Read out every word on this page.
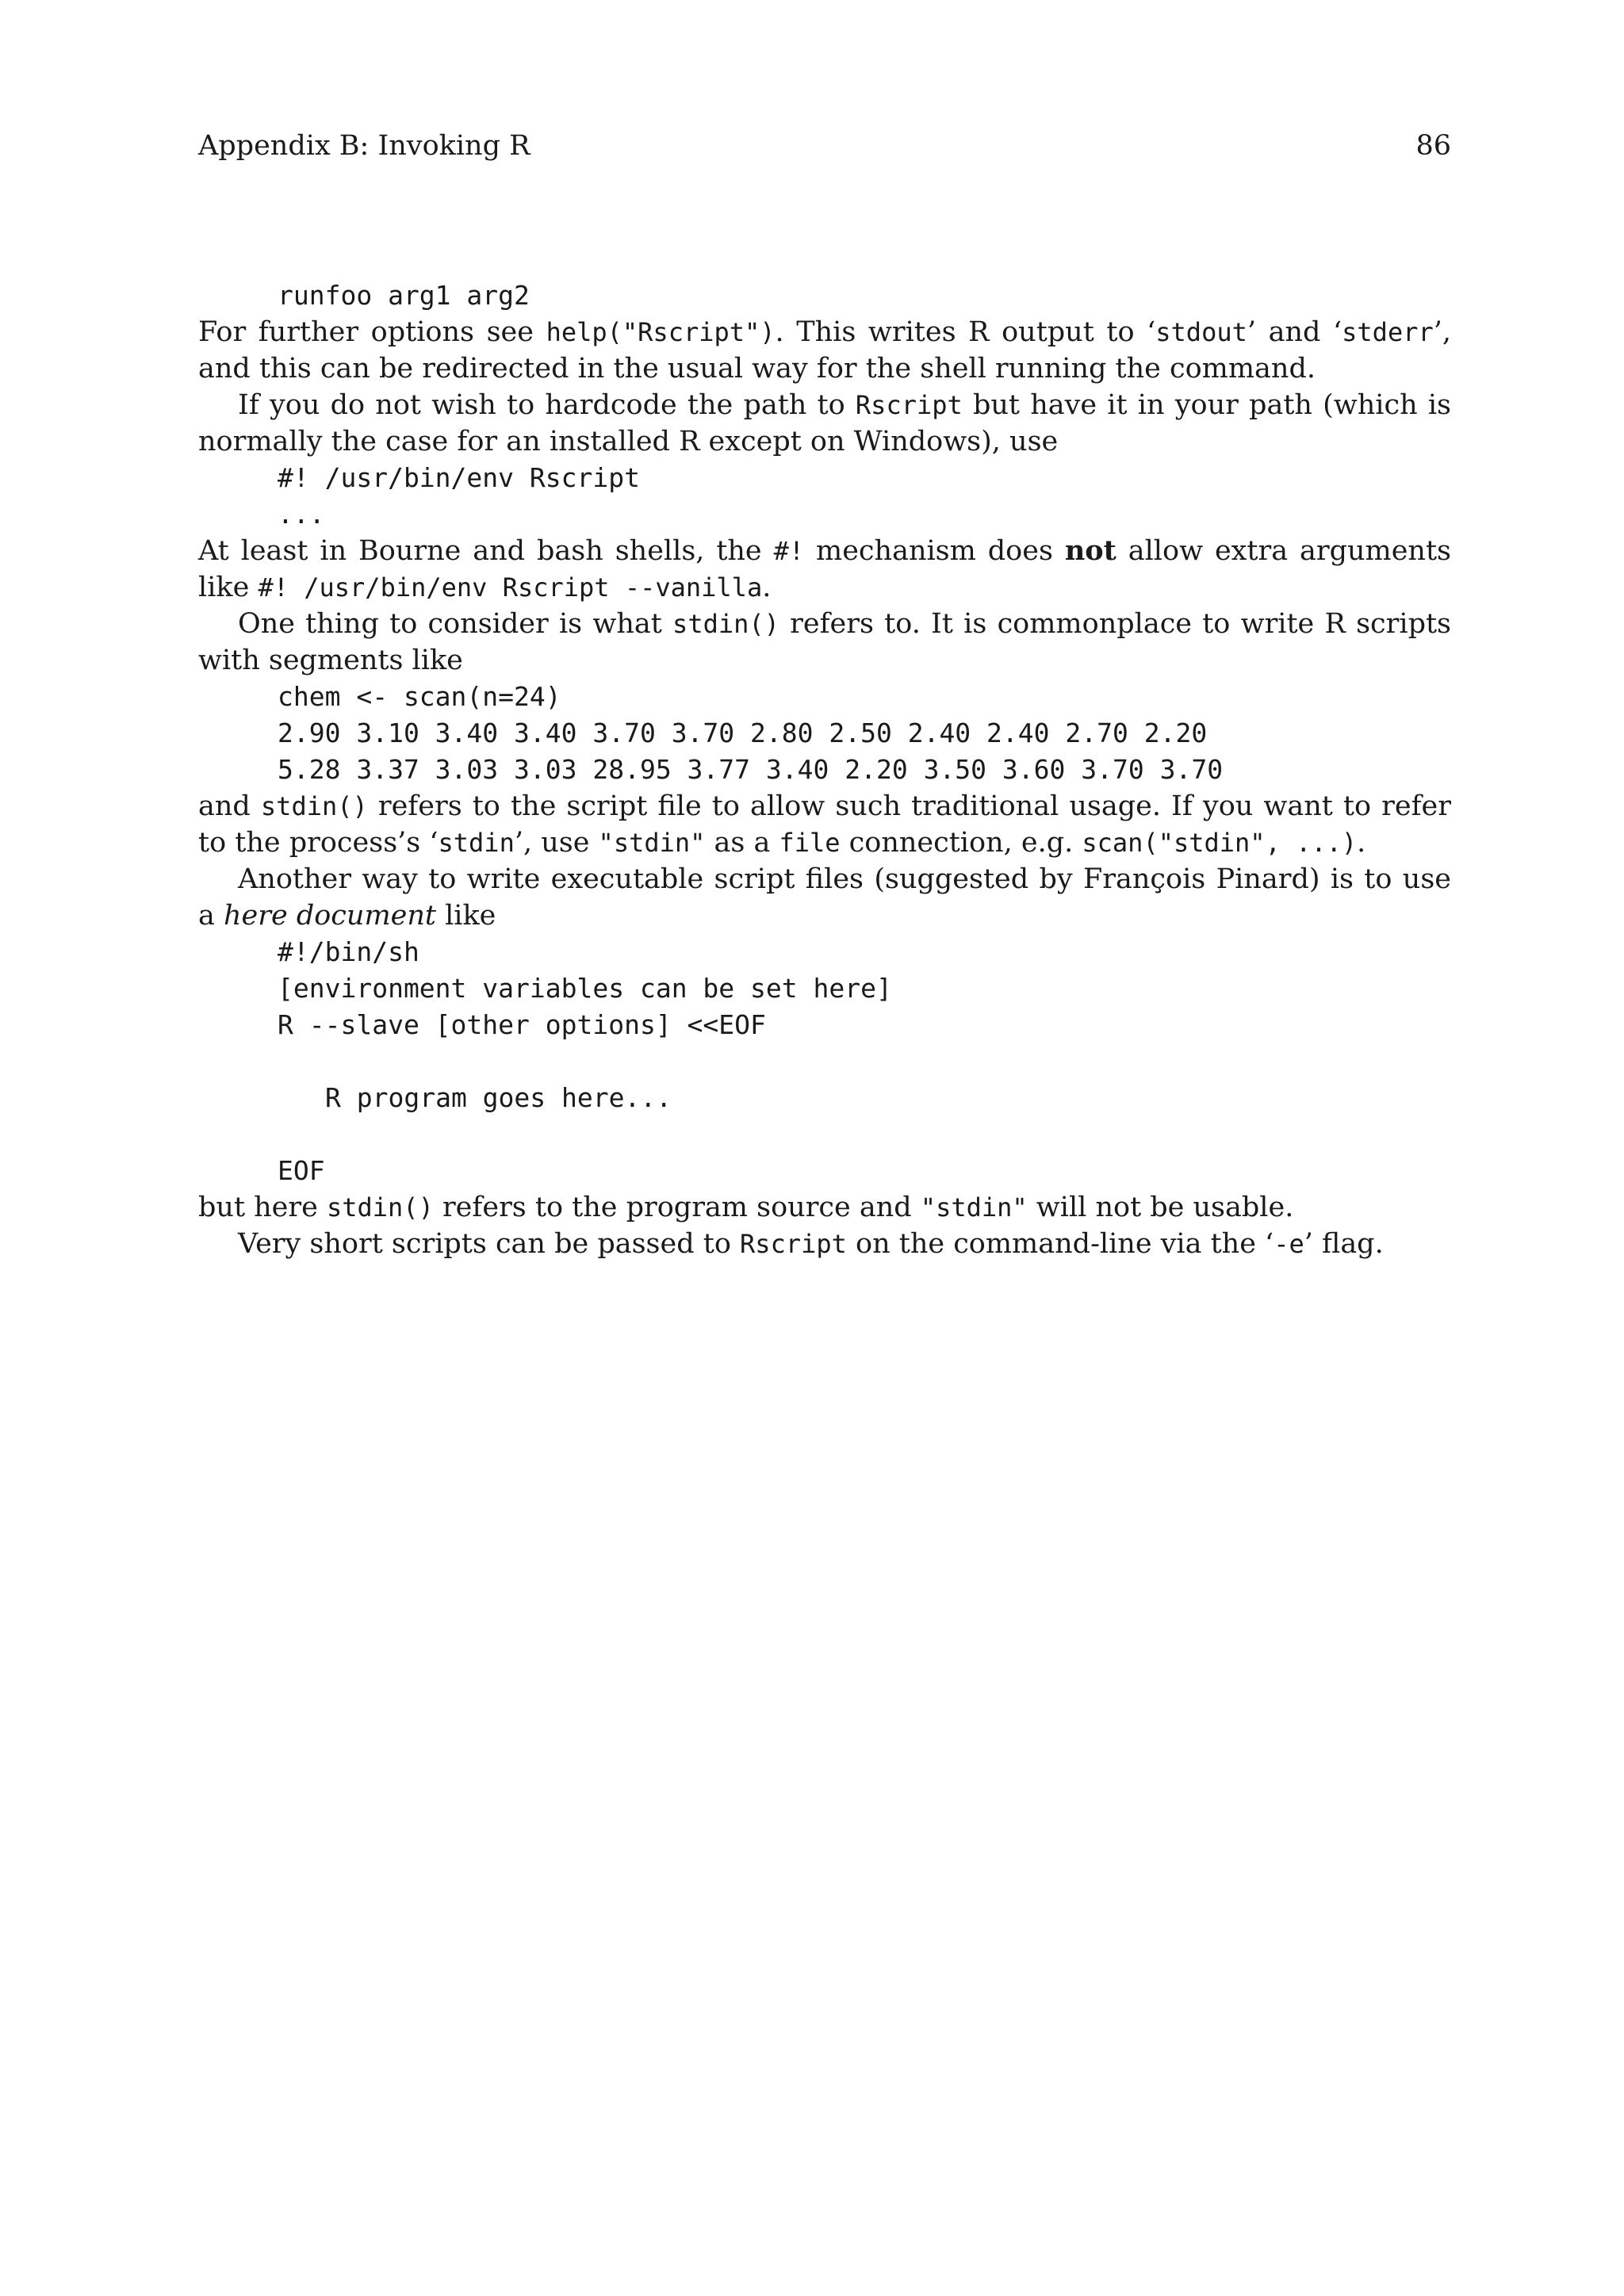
Appendix B: Invoking R	86
runfoo arg1 arg2

For further options see help("Rscript"). This writes R output to ‘stdout’ and ‘stderr’, and this can be redirected in the usual way for the shell running the command.

If you do not wish to hardcode the path to Rscript but have it in your path (which is normally the case for an installed R except on Windows), use

#! /usr/bin/env Rscript
...

At least in Bourne and bash shells, the #! mechanism does not allow extra arguments like #! /usr/bin/env Rscript --vanilla.

One thing to consider is what stdin() refers to. It is commonplace to write R scripts with segments like

chem <- scan(n=24)
2.90 3.10 3.40 3.40 3.70 3.70 2.80 2.50 2.40 2.40 2.70 2.20
5.28 3.37 3.03 3.03 28.95 3.77 3.40 2.20 3.50 3.60 3.70 3.70

and stdin() refers to the script file to allow such traditional usage. If you want to refer to the process’s ‘stdin’, use "stdin" as a file connection, e.g. scan("stdin", ...).

Another way to write executable script files (suggested by François Pinard) is to use a here document like

#!/bin/sh
[environment variables can be set here]
R --slave [other options] <<EOF
R program goes here...
EOF

but here stdin() refers to the program source and "stdin" will not be usable.

Very short scripts can be passed to Rscript on the command-line via the ‘-e’ flag.
